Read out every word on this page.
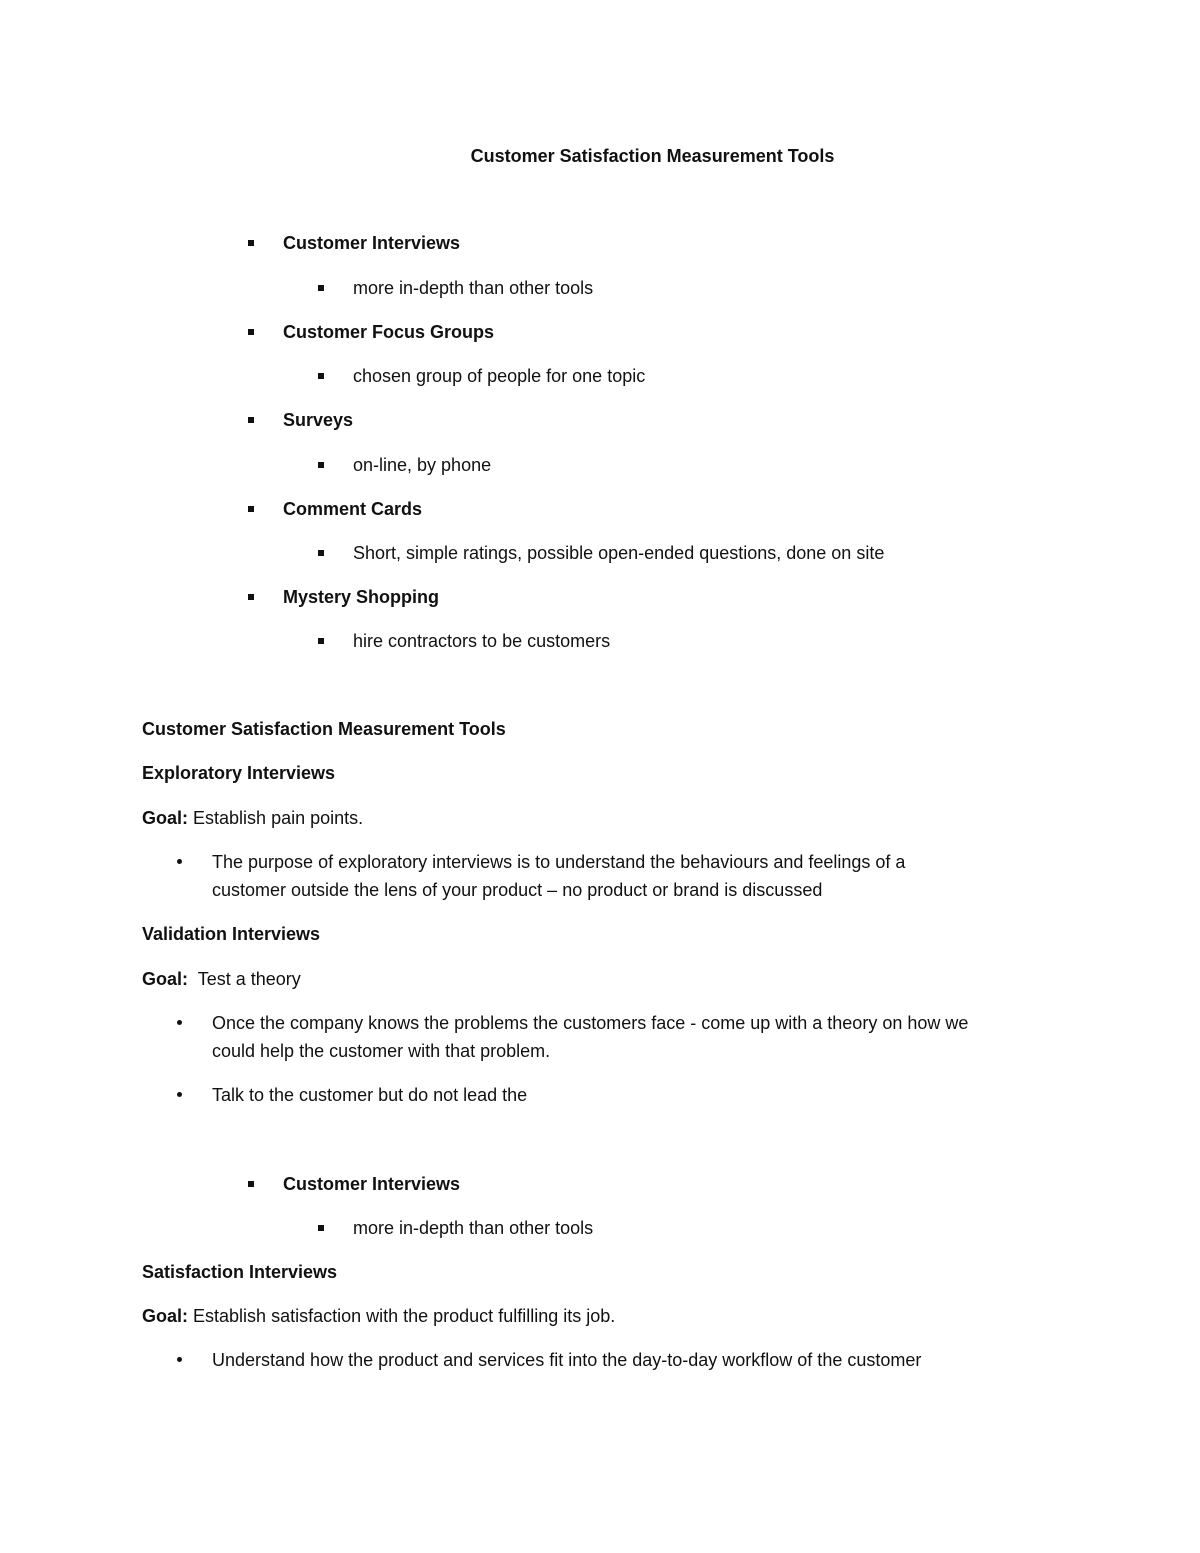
Customer Satisfaction Measurement Tools
Customer Interviews
more in-depth than other tools
Customer Focus Groups
chosen group of people for one topic
Surveys
on-line, by phone
Comment Cards
Short, simple ratings, possible open-ended questions, done on site
Mystery Shopping
hire contractors to be customers
Customer Satisfaction Measurement Tools
Exploratory Interviews
Goal: Establish pain points.
The purpose of exploratory interviews is to understand the behaviours and feelings of a
customer outside the lens of your product – no product or brand is discussed
Validation Interviews
Goal: Test a theory
Once the company knows the problems the customers face - come up with a theory on how we
could help the customer with that problem.
Talk to the customer but do not lead the
Customer Interviews
more in-depth than other tools
Satisfaction Interviews
Goal: Establish satisfaction with the product fulfilling its job.
Understand how the product and services fit into the day-to-day workflow of the customer
